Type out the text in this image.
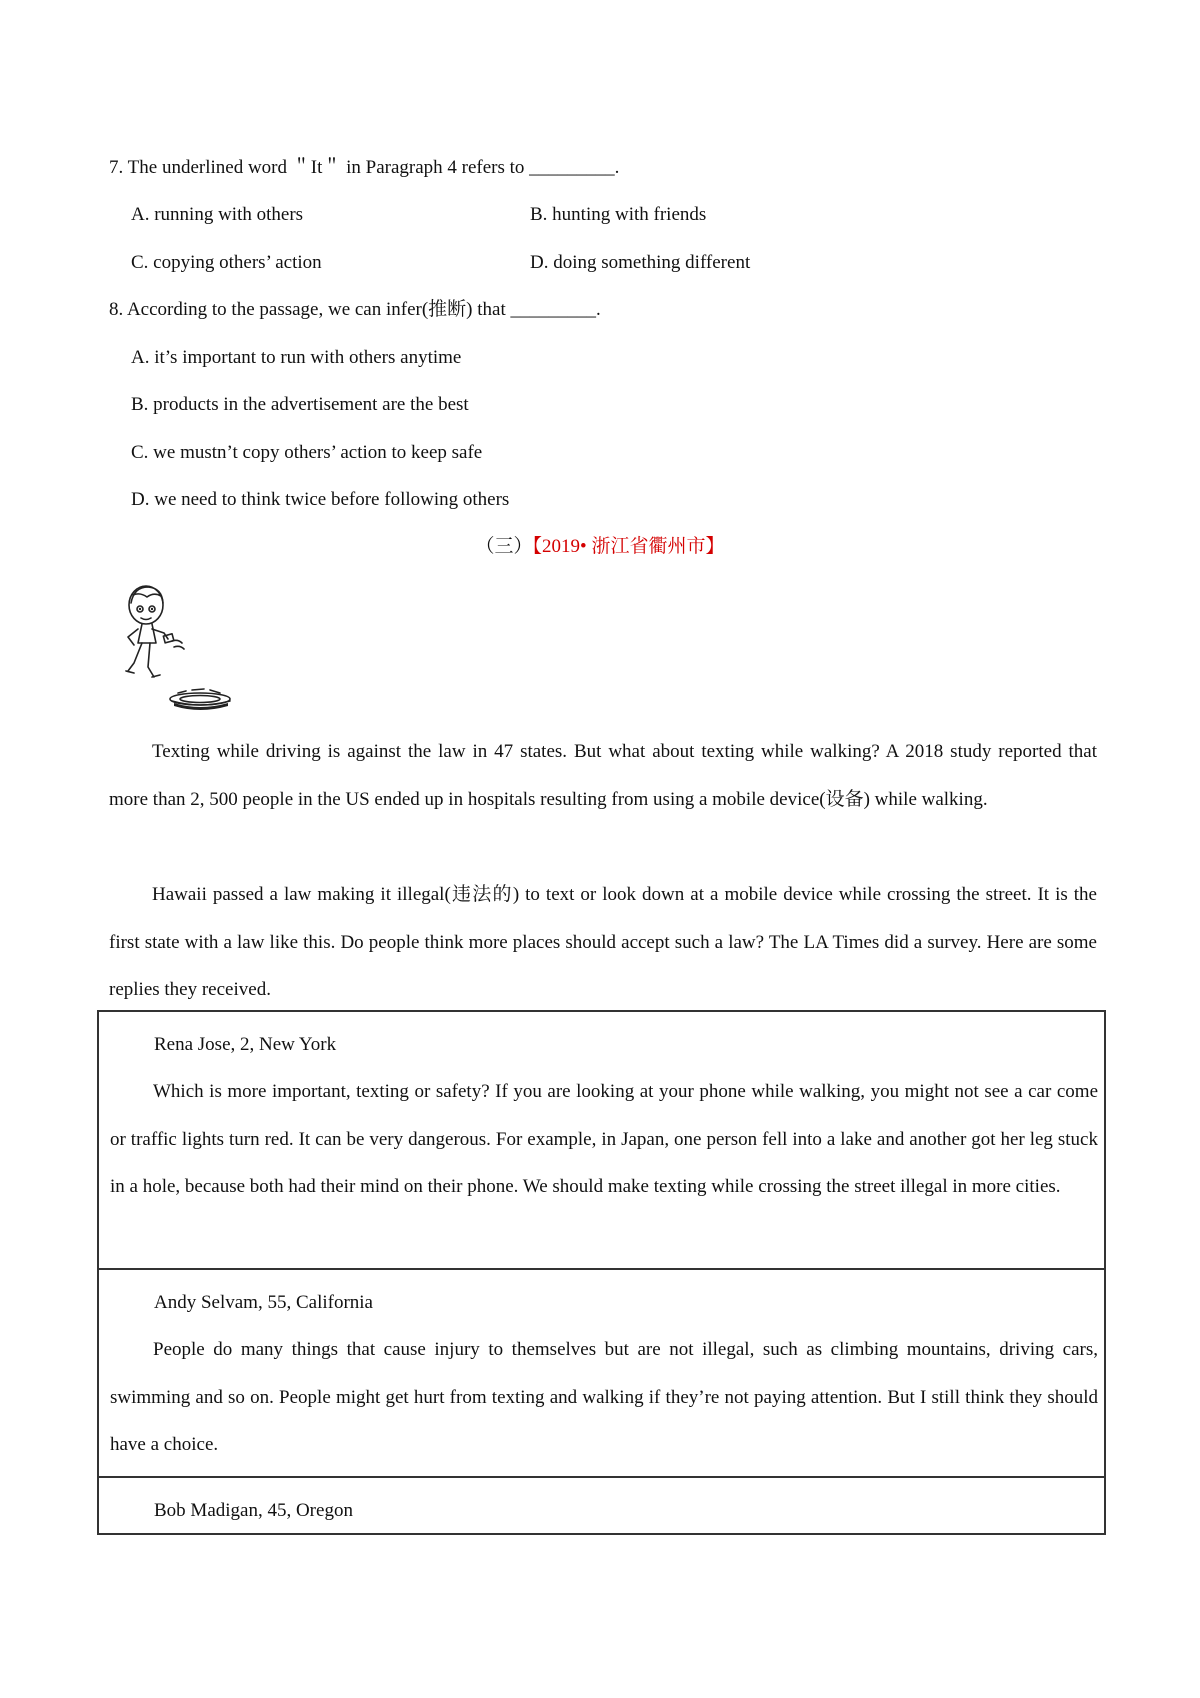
7. The underlined word ＂It＂ in Paragraph 4 refers to _________.
A. running with others	B. hunting with friends
C. copying others’ action	D. doing something different
8. According to the passage, we can infer(推断) that _________.
A. it’s important to run with others anytime
B. products in the advertisement are the best
C. we mustn’t copy others’ action to keep safe
D. we need to think twice before following others
（三）【2019• 浙江省衢州市】

Texting while driving is against the law in 47 states. But what about texting while walking? A 2018 study reported that more than 2, 500 people in the US ended up in hospitals resulting from using a mobile device(设备) while walking.

Hawaii passed a law making it illegal(违法的) to text or look down at a mobile device while crossing the street. It is the first state with a law like this. Do people think more places should accept such a law? The LA Times did a survey. Here are some replies they received.

Rena Jose, 2, New York

Which is more important, texting or safety? If you are looking at your phone while walking, you might not see a car come or traffic lights turn red. It can be very dangerous. For example, in Japan, one person fell into a lake and another got her leg stuck in a hole, because both had their mind on their phone. We should make texting while crossing the street illegal in more cities.

Andy Selvam, 55, California

People do many things that cause injury to themselves but are not illegal, such as climbing mountains, driving cars, swimming and so on. People might get hurt from texting and walking if they’re not paying attention. But I still think they should have a choice.

Bob Madigan, 45, Oregon
